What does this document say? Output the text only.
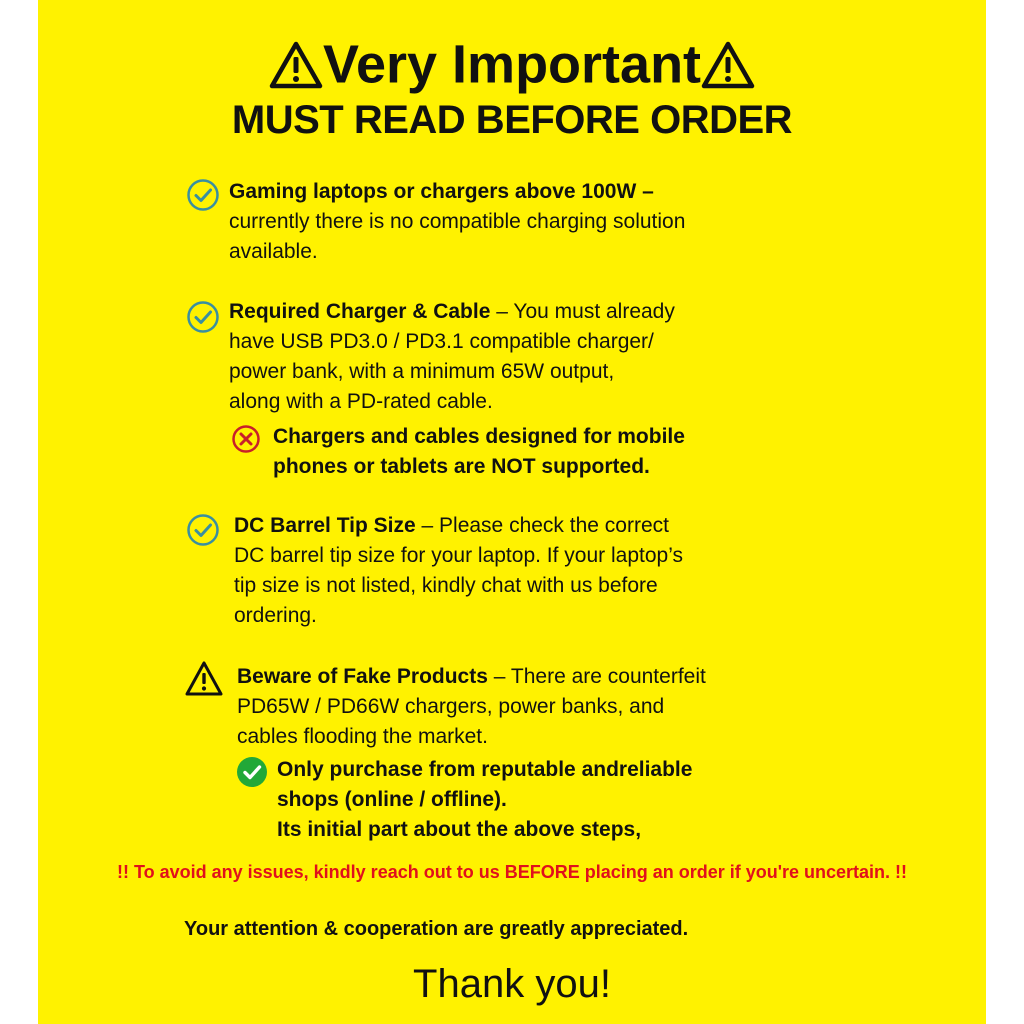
Very Important
MUST READ BEFORE ORDER
Gaming laptops or chargers above 100W –
currently there is no compatible charging solution
available.
Required Charger & Cable – You must already
have USB PD3.0 / PD3.1 compatible charger/
power bank, with a minimum 65W output,
along with a PD-rated cable.
Chargers and cables designed for mobile
phones or tablets are NOT supported.
DC Barrel Tip Size – Please check the correct
DC barrel tip size for your laptop. If your laptop’s
tip size is not listed, kindly chat with us before
ordering.
Beware of Fake Products – There are counterfeit
PD65W / PD66W chargers, power banks, and
cables flooding the market.
Only purchase from reputable andreliable
shops (online / offline).
Its initial part about the above steps,
!! To avoid any issues, kindly reach out to us BEFORE placing an order if you're uncertain. !!
Your attention & cooperation are greatly appreciated.
Thank you!
